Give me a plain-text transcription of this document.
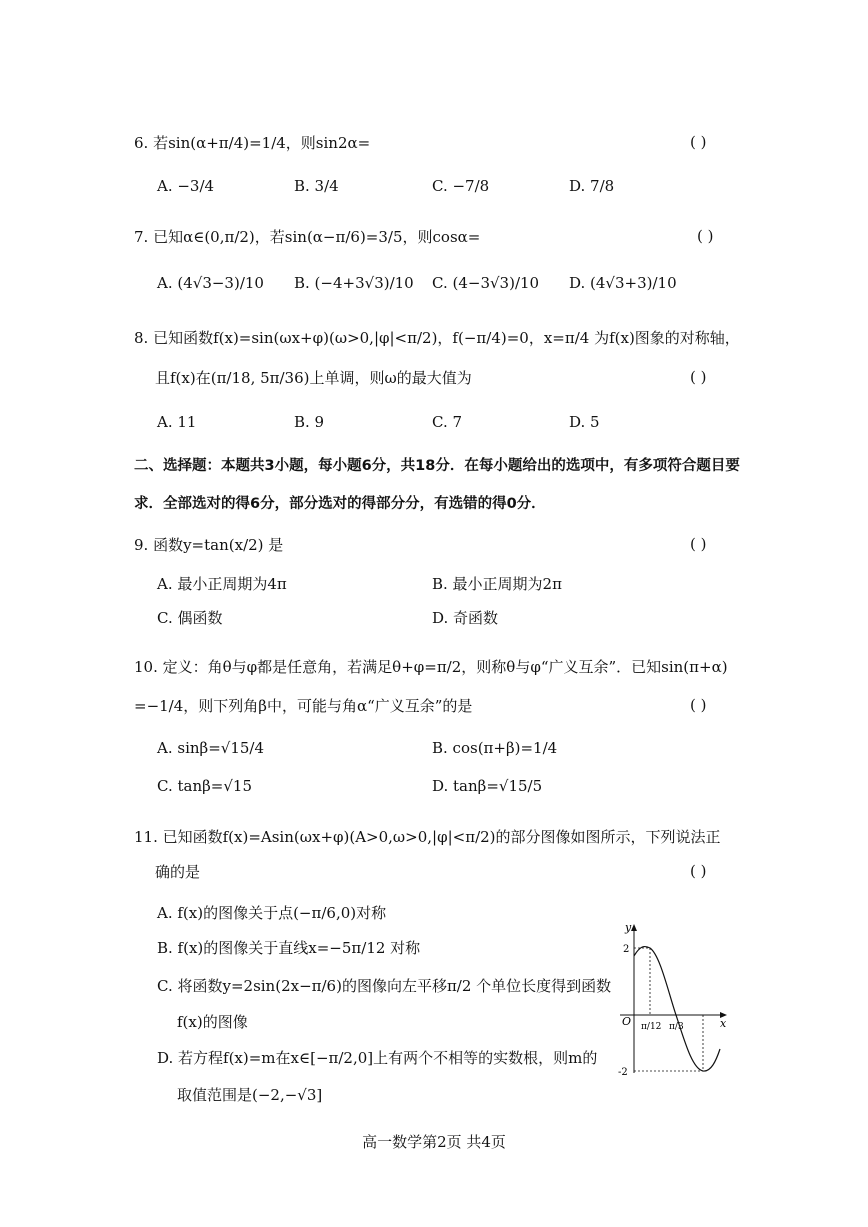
6. 若sin(α+π/4)=1/4，则sin2α=	( )
A. −3/4	B. 3/4	C. −7/8	D. 7/8
7. 已知α∈(0,π/2)，若sin(α−π/6)=3/5，则cosα=	( )
A. (4√3−3)/10 B. (−4+3√3)/10 C. (4−3√3)/10 D. (4√3+3)/10
8. 已知函数f(x)=sin(ωx+φ)(ω>0,|φ|<π/2)，f(−π/4)=0，x=π/4 为f(x)图象的对称轴，
且f(x)在(π/18, 5π/36)上单调，则ω的最大值为	( )
A. 11	B. 9	C. 7	D. 5
二、选择题：本题共3小题，每小题6分，共18分．在每小题给出的选项中，有多项符合题目要
求．全部选对的得6分，部分选对的得部分分，有选错的得0分．
9. 函数y=tan(x/2) 是	( )
A. 最小正周期为4π	B. 最小正周期为2π
C. 偶函数	D. 奇函数
10. 定义：角θ与φ都是任意角，若满足θ+φ=π/2，则称θ与φ“广义互余”．已知sin(π+α)
=−1/4，则下列角β中，可能与角α“广义互余”的是	( )
A. sinβ=√15/4	B. cos(π+β)=1/4
C. tanβ=√15	D. tanβ=√15/5
11. 已知函数f(x)=Asin(ωx+φ)(A>0,ω>0,|φ|<π/2)的部分图像如图所示，下列说法正
确的是	( )
A. f(x)的图像关于点(−π/6,0)对称
B. f(x)的图像关于直线x=−5π/12 对称
C. 将函数y=2sin(2x−π/6)的图像向左平移π/2 个单位长度得到函数
f(x)的图像
D. 若方程f(x)=m在x∈[−π/2,0]上有两个不相等的实数根，则m的
取值范围是(−2,−√3]
y
x
O
2
-2
π/12 π/3
高一数学第2页 共4页
